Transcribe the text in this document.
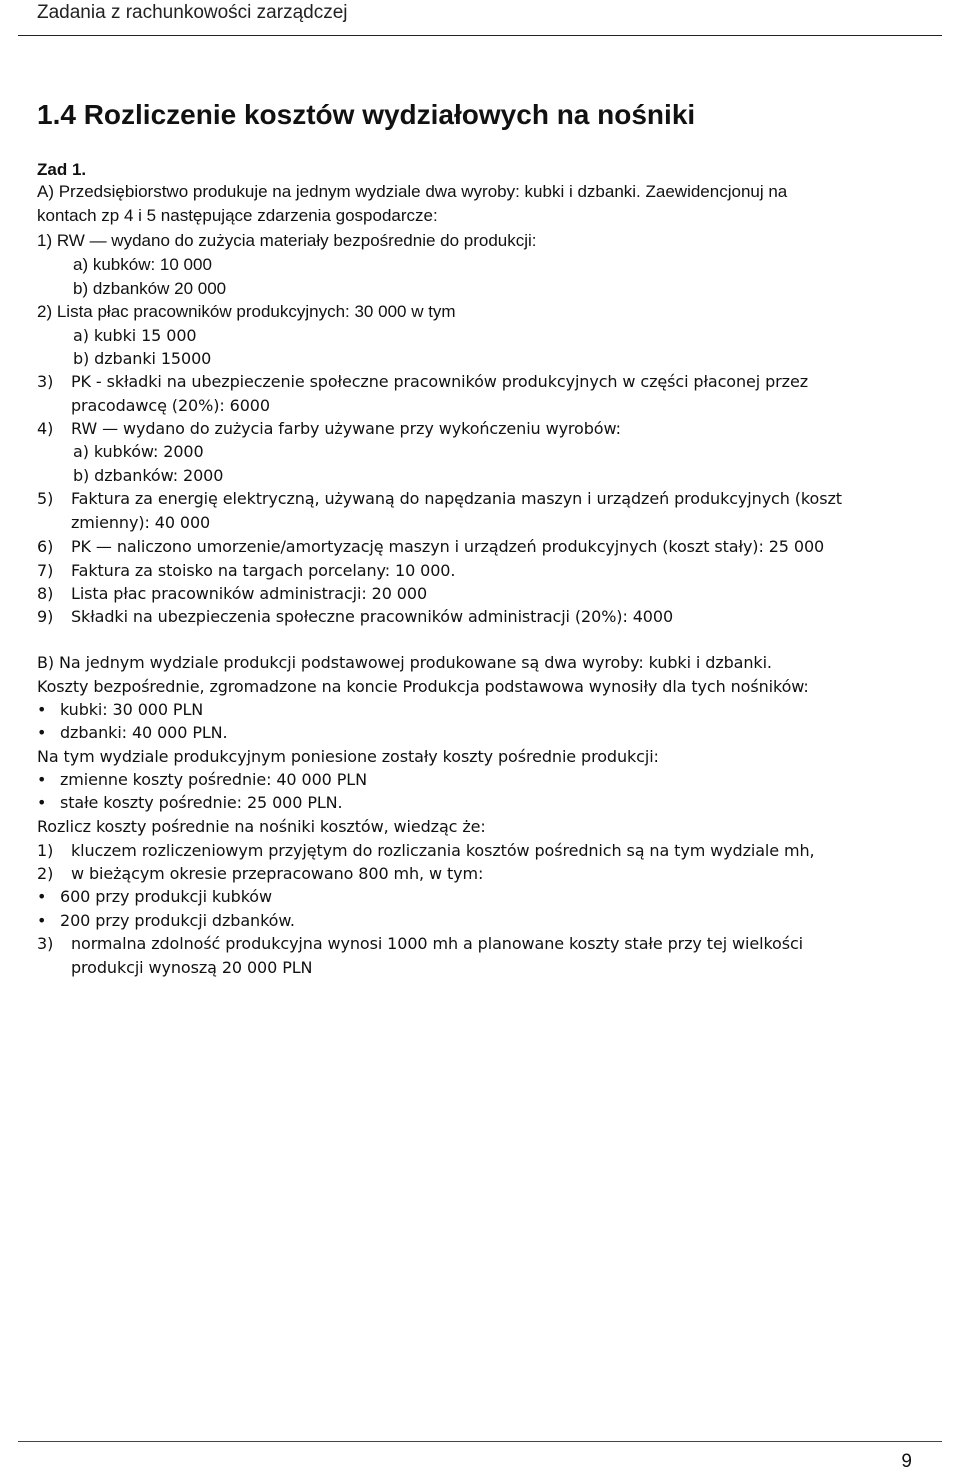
Zadania z rachunkowości zarządczej
1.4 Rozliczenie kosztów wydziałowych na nośniki
Zad 1.
A) Przedsiębiorstwo produkuje na jednym wydziale dwa wyroby: kubki i dzbanki. Zaewidencjonuj na
kontach zp 4 i 5 następujące zdarzenia gospodarcze:
1) RW — wydano do zużycia materiały bezpośrednie do produkcji:
a) kubków: 10 000
b) dzbanków 20 000
2) Lista płac pracowników produkcyjnych: 30 000 w tym
a) kubki 15 000
b) dzbanki 15000
3) PK - składki na ubezpieczenie społeczne pracowników produkcyjnych w części płaconej przez
pracodawcę (20%): 6000
4) RW — wydano do zużycia farby używane przy wykończeniu wyrobów:
a) kubków: 2000
b) dzbanków: 2000
5) Faktura za energię elektryczną, używaną do napędzania maszyn i urządzeń produkcyjnych (koszt
zmienny): 40 000
6) PK — naliczono umorzenie/amortyzację maszyn i urządzeń produkcyjnych (koszt stały): 25 000
7) Faktura za stoisko na targach porcelany: 10 000.
8) Lista płac pracowników administracji: 20 000
9) Składki na ubezpieczenia społeczne pracowników administracji (20%): 4000
B) Na jednym wydziale produkcji podstawowej produkowane są dwa wyroby: kubki i dzbanki.
Koszty bezpośrednie, zgromadzone na koncie Produkcja podstawowa wynosiły dla tych nośników:
• kubki: 30 000 PLN
• dzbanki: 40 000 PLN.
Na tym wydziale produkcyjnym poniesione zostały koszty pośrednie produkcji:
• zmienne koszty pośrednie: 40 000 PLN
• stałe koszty pośrednie: 25 000 PLN.
Rozlicz koszty pośrednie na nośniki kosztów, wiedząc że:
1) kluczem rozliczeniowym przyjętym do rozliczania kosztów pośrednich są na tym wydziale mh,
2) w bieżącym okresie przepracowano 800 mh, w tym:
• 600 przy produkcji kubków
• 200 przy produkcji dzbanków.
3) normalna zdolność produkcyjna wynosi 1000 mh a planowane koszty stałe przy tej wielkości
produkcji wynoszą 20 000 PLN
9
